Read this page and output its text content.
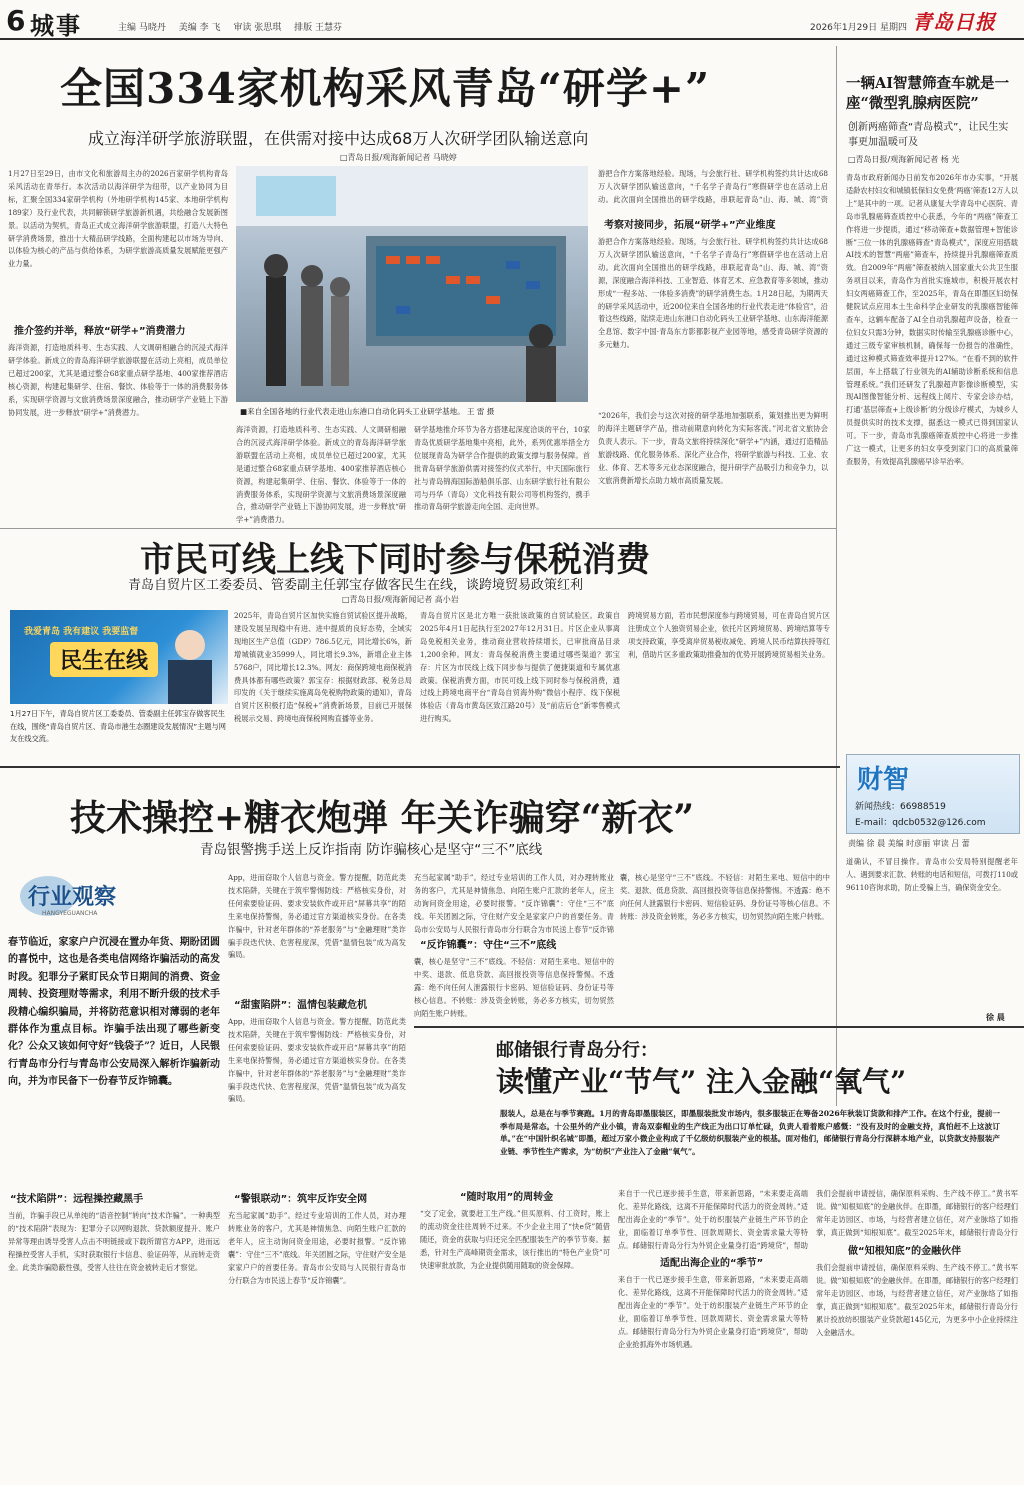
6 城事	主编 马晓丹 美编 李 飞 审读 张思琪 排版 王慧芬	2026年1月29日 星期四 青岛日报
全国334家机构采风青岛“研学+”
成立海洋研学旅游联盟，在供需对接中达成68万人次研学团队输送意向
□青岛日报/观海新闻记者 马晓婷
1月27日至29日，由市文化和旅游局主办的2026百家研学机构青岛采风活动在青举行。本次活动以海洋研学为纽带，以产业协同为目标，汇聚全国334家研学机构（外地研学机构145家、本地研学机构189家）及行业代表，共同解锁研学旅游新机遇，共绘融合发展新图景。以活动为契机，青岛正式成立海洋研学旅游联盟，打造八大特色研学消费场景，推出十大精品研学线路，全面构建起以市场为导向、以体验为核心的产品与供给体系，为研学旅游高质量发展赋能更强产业力量。
推介签约并举，释放“研学+”消费潜力
海洋资源，打造地质科考、生态实践、人文调研相融合的沉浸式海洋研学体验。新成立的青岛海洋研学旅游联盟在活动上亮相，成员单位已超过200家，尤其是通过整合68家重点研学基地、400家推荐酒店核心资源，构建起集研学、住宿、餐饮、体验等于一体的消费服务体系，实现研学资源与文旅消费场景深度融合，推动研学产业链上下游协同发展，进一步释放“研学+”消费潜力。	■来自全国各地的行业代表走进山东港口自动化码头工业研学基地。 王 雷 摄
海洋资源，打造地质科考、生态实践、人文调研相融合的沉浸式海洋研学体验。新成立的青岛海洋研学旅游联盟在活动上亮相，成员单位已超过200家，尤其是通过整合68家重点研学基地、400家推荐酒店核心资源，构建起集研学、住宿、餐饮、体验等于一体的消费服务体系，实现研学资源与文旅消费场景深度融合，推动研学产业链上下游协同发展，进一步释放“研学+”消费潜力。
研学基地推介环节为各方搭建起深度洽谈的平台，10家青岛优质研学基地集中亮相，此外，系列优惠举措全方位展现青岛为研学合作提供的政策支撑与服务保障。首批青岛研学旅游供需对接签约仪式举行，中天国际旅行社与青岛锦海国际游船俱乐部、山东研学旅行社有限公司与丹华（青岛）文化科技有限公司等机构签约，携手推动青岛研学旅游走向全国、走向世界。
游把合作方案落地经验。现场，与会旅行社、研学机构签约共计达成68万人次研学团队输送意向，“千名学子青岛行”寒假研学也在活动上启动。此次面向全国推出的研学线路，串联起青岛“山、海、城、湾”资
考察对接同步，拓展“研学+”产业维度
游把合作方案落地经验。现场，与会旅行社、研学机构签约共计达成68万人次研学团队输送意向，“千名学子青岛行”寒假研学也在活动上启动。此次面向全国推出的研学线路，串联起青岛“山、海、城、湾”资源，深度融合海洋科技、工业智造、体育艺术、应急教育等多领域，推动形成“一程多站、一体验多消费”的研学消费生态。1月28日起，为期两天的研学采风活动中，近200位来自全国各地的行业代表走进“体验官”，沿着这些线路，陆续走进山东港口自动化码头工业研学基地、山东海洋能源全息馆、数字中国·青岛东方影都影视产业园等地，感受青岛研学资源的多元魅力。
“2026年，我们会与这次对接的研学基地加强联系，策划推出更为鲜明的海洋主题研学产品，推动前期意向转化为实际客流。”河北省文旅协会负责人表示。下一步，青岛文旅将持续深化“研学+”内涵，通过打造精品旅游线路、优化服务体系、深化产业合作，将研学旅游与科技、工业、农业、体育、艺术等多元业态深度融合，提升研学产品吸引力和竞争力，以文旅消费新增长点助力城市高质量发展。
一辆AI智慧筛查车就是一座“微型乳腺病医院”
创新两癌筛查“青岛模式”，让民生实事更加温暖可及
□青岛日报/观海新闻记者 杨 光
青岛市政府新闻办日前发布2026年市办实事，“开展适龄农村妇女和城镇低保妇女免费‘两癌’筛查12万人以上”是其中的一项。记者从康复大学青岛中心医院、青岛市乳腺癌筛查质控中心获悉，今年的“两癌”筛查工作将进一步提质，通过“移动筛查+数据管理+智能诊断”三位一体的乳腺癌筛查“青岛模式”，深度应用搭载AI技术的智慧“两癌”筛查车，持续提升乳腺癌筛查质效。自2009年“两癌”筛查被纳入国家重大公共卫生服务项目以来，青岛作为首批实施城市，积极开展农村妇女两癌筛查工作，至2025年，青岛在即墨区妇幼保健院试点应用本土生命科学企业研发的乳腺癌智能筛查车，这辆车配备了AI全自动乳腺超声设备，检查一位妇女只需3分钟，数据实时传输至乳腺癌诊断中心，通过三级专家审核机制，确保每一份报告的准确性，通过这种模式筛查效率提升127%。“在看不到的软件层面，车上搭载了行业领先的AI辅助诊断系统和信息管理系统。”我们还研发了乳腺超声影像诊断模型，实现AI图像智能分析、远程线上阅片、专家会诊办结，打通‘基层筛查+上级诊断’的分级诊疗模式，为城乡人员提供实时的技术支撑，据悉这一模式已得到国家认可。下一步，青岛市乳腺癌筛查质控中心将进一步推广这一模式，让更多的妇女享受到家门口的高质量筛查服务，有效提高乳腺癌早诊早治率。
市民可线上线下同时参与保税消费
青岛自贸片区工委委员、管委副主任郭宝存做客民生在线，谈跨境贸易政策红利
□青岛日报/观海新闻记者 高小岩
我爱青岛 我有建议 我要监督
民生在线
1月27日下午，青岛自贸片区工委委员、管委副主任郭宝存做客民生在线，围绕“青岛自贸片区、青岛市港生态圈建设发展情况”主题与网友在线交流。
2025年，青岛自贸片区加快实施自贸试验区提升战略，建设发展呈现稳中有进、进中提质的良好态势，全域实现地区生产总值（GDP）786.5亿元，同比增长6%，新增城镇就业35999人，同比增长9.3%，新增企业主体5768户，同比增长12.3%。网友：商保跨境电商保税消费具体都有哪些政策？郭宝存：根据财政部、税务总局印发的《关于继续实施离岛免税购物政策的通知》，青岛自贸片区积极打造“保税+”消费新场景，目前已开展保税展示交易、跨境电商保税网购直播等业务。
青岛自贸片区是北方唯一获批该政策的自贸试验区。政策自2025年4月1日起执行至2027年12月31日。片区企业从事离岛免税相关业务，推动商业营收持续增长，已审批商品目录1,200余种。网友：青岛保税消费主要通过哪些渠道？郭宝存：片区为市民线上线下同步参与提供了便捷渠道和专属优惠政策。保税消费方面，市民可线上线下同时参与保税消费，通过线上跨境电商平台“青岛自贸海外购”微信小程序、线下保税体验店（青岛市黄岛区致江路20号）及“前店后仓”新零售模式进行购买。
跨境贸易方面，若市民想深度参与跨境贸易，可在青岛自贸片区注册成立个人独资贸易企业，依托片区跨境贸易、跨境结算等专项支持政策，享受离岸贸易税收减免、跨境人民币结算扶持等红利，借助片区多重政策助推叠加的优势开展跨境贸易相关业务。
财智
新闻热线：66988519
E-mail：qdcb0532@126.com
责编 徐 晨 美编 时彦丽 审读 吕 蕾
技术操控+糖衣炮弹 年关诈骗穿“新衣”
青岛银警携手送上反诈指南 防诈骗核心是坚守“三不”底线
行业观察
HANGYEGUANCHA
春节临近，家家户户沉浸在置办年货、期盼团圆的喜悦中，这也是各类电信网络诈骗活动的高发时段。犯罪分子紧盯民众节日期间的消费、资金周转、投资理财等需求，利用不断升级的技术手段精心编织骗局，并将防范意识相对薄弱的老年群体作为重点目标。诈骗手法出现了哪些新变化？公众又该如何守好“钱袋子”？近日，人民银行青岛市分行与青岛市公安局深入解析诈骗新动向，并为市民备下一份春节反诈锦囊。
“技术陷阱”：远程操控藏黑手
当前，诈骗手段已从单纯的“语音控制”转向“技术诈骗”。一种典型的“技术陷阱”表现为：犯罪分子以网购退款、贷款额度提升、账户异常等理由诱导受害人点击不明链接或下载所谓官方APP，进而远程操控受害人手机，实时获取银行卡信息、验证码等，从而转走资金。此类诈骗隐蔽性强，受害人往往在资金被转走后才察觉。
App，进而窃取个人信息与资金。警方提醒，防范此类技术陷阱，关键在于筑牢警惕防线：严格核实身份，对任何索要验证码、要求安装软件或开启“屏幕共享”的陌生来电保持警惕，务必通过官方渠道核实身份。在各类诈骗中，针对老年群体的“养老服务”与“金融理财”类诈骗手段迭代快、危害程度深，凭借“温情包装”成为高发骗局。
“甜蜜陷阱”：温情包装藏危机
App，进而窃取个人信息与资金。警方提醒，防范此类技术陷阱，关键在于筑牢警惕防线：严格核实身份，对任何索要验证码、要求安装软件或开启“屏幕共享”的陌生来电保持警惕，务必通过官方渠道核实身份。在各类诈骗中，针对老年群体的“养老服务”与“金融理财”类诈骗手段迭代快、危害程度深，凭借“温情包装”成为高发骗局。
“警银联动”：筑牢反诈安全网
充当起家属“助手”。经过专业培训的工作人员，对办理转账业务的客户，尤其是神情焦急、向陌生账户汇款的老年人，应主动询问资金用途，必要时报警。“反诈锦囊”：守住“三不”底线。年关团圆之际，守住财产安全是家家户户的首要任务。青岛市公安局与人民银行青岛市分行联合为市民送上春节“反诈锦囊”。
充当起家属“助手”。经过专业培训的工作人员，对办理转账业务的客户，尤其是神情焦急、向陌生账户汇款的老年人，应主动询问资金用途，必要时报警。“反诈锦囊”：守住“三不”底线。年关团圆之际，守住财产安全是家家户户的首要任务。青岛市公安局与人民银行青岛市分行联合为市民送上春节“反诈锦
“反诈锦囊”：守住“三不”底线
囊，核心是坚守“三不”底线。不轻信：对陌生来电、短信中的中奖、退款、低息贷款、高回报投资等信息保持警惕。不透露：绝不向任何人泄露银行卡密码、短信验证码、身份证号等核心信息。不转账：涉及资金转账，务必多方核实，切勿贸然向陌生账户转账。
囊，核心是坚守“三不”底线。不轻信：对陌生来电、短信中的中奖、退款、低息贷款、高回报投资等信息保持警惕。不透露：绝不向任何人泄露银行卡密码、短信验证码、身份证号等核心信息。不转账：涉及资金转账，务必多方核实，切勿贸然向陌生账户转账。
道确认，不冒目操作。青岛市公安局特别提醒老年人、遇到要求汇款、转账的电话和短信，可拨打110或96110咨询求助，防止受骗上当，确保资金安全。
徐 晨
邮储银行青岛分行：
读懂产业“节气” 注入金融“氧气”
服装人，总是在与季节赛跑。1月的青岛即墨服装区，即墨服装批发市场内，很多服装正在筹备2026年秋装订货款和排产工作。在这个行业，提前一季布局是常态。十公里外的产业小镇，青岛双泰帽业的生产线正为出口订单忙碌，负责人看着账户感慨：“没有及时的金融支持，真怕赶不上这波订单。”在“中国针织名城”即墨，超过万家小微企业构成了千亿级纺织服装产业的根基。面对他们，邮储银行青岛分行深耕本地产业，以贷款支持服装产业链、季节性生产需求，为“纺织”产业注入了金融“氧气”。
“随时取用”的周转金
“交了定金，就要赶工生产线。”但买原料、付工资时，账上的流动资金往往周转不过来。不少企业主用了“快e贷”随借随还，资金的获取与归还完全匹配服装生产的季节节奏。据悉，针对生产高峰期资金需求，该行推出的“特色产业贷”可快速审批放款，为企业提供随用随取的资金保障。
来自于一代已逐步接手生意，带来新思路，“未来要走高端化、差异化路线，这离不开能保障时代活力的资金周转。”适配出海企业的“季节”。处于纺织服装产业链生产环节的企业，面临着订单季节性、回款周期长、资金需求量大等特点。邮储银行青岛分行为外贸企业量身打造“跨境贷”，帮助
适配出海企业的“季节”
来自于一代已逐步接手生意，带来新思路，“未来要走高端化、差异化路线，这离不开能保障时代活力的资金周转。”适配出海企业的“季节”。处于纺织服装产业链生产环节的企业，面临着订单季节性、回款周期长、资金需求量大等特点。邮储银行青岛分行为外贸企业量身打造“跨境贷”，帮助企业抢抓海外市场机遇。
我们会提前申请授信，确保原料采购、生产线不停工。”黄书军说。做“知根知底”的金融伙伴。在即墨，邮储银行的客户经理们常年走访园区、市场，与经营者建立信任，对产业脉络了如指掌，真正做到“知根知底”。截至2025年末，邮储银行青岛分行
做“知根知底”的金融伙伴
我们会提前申请授信，确保原料采购、生产线不停工。”黄书军说。做“知根知底”的金融伙伴。在即墨，邮储银行的客户经理们常年走访园区、市场，与经营者建立信任，对产业脉络了如指掌，真正做到“知根知底”。截至2025年末，邮储银行青岛分行累计投放纺织服装产业贷款超145亿元，为更多中小企业持续注入金融活水。
